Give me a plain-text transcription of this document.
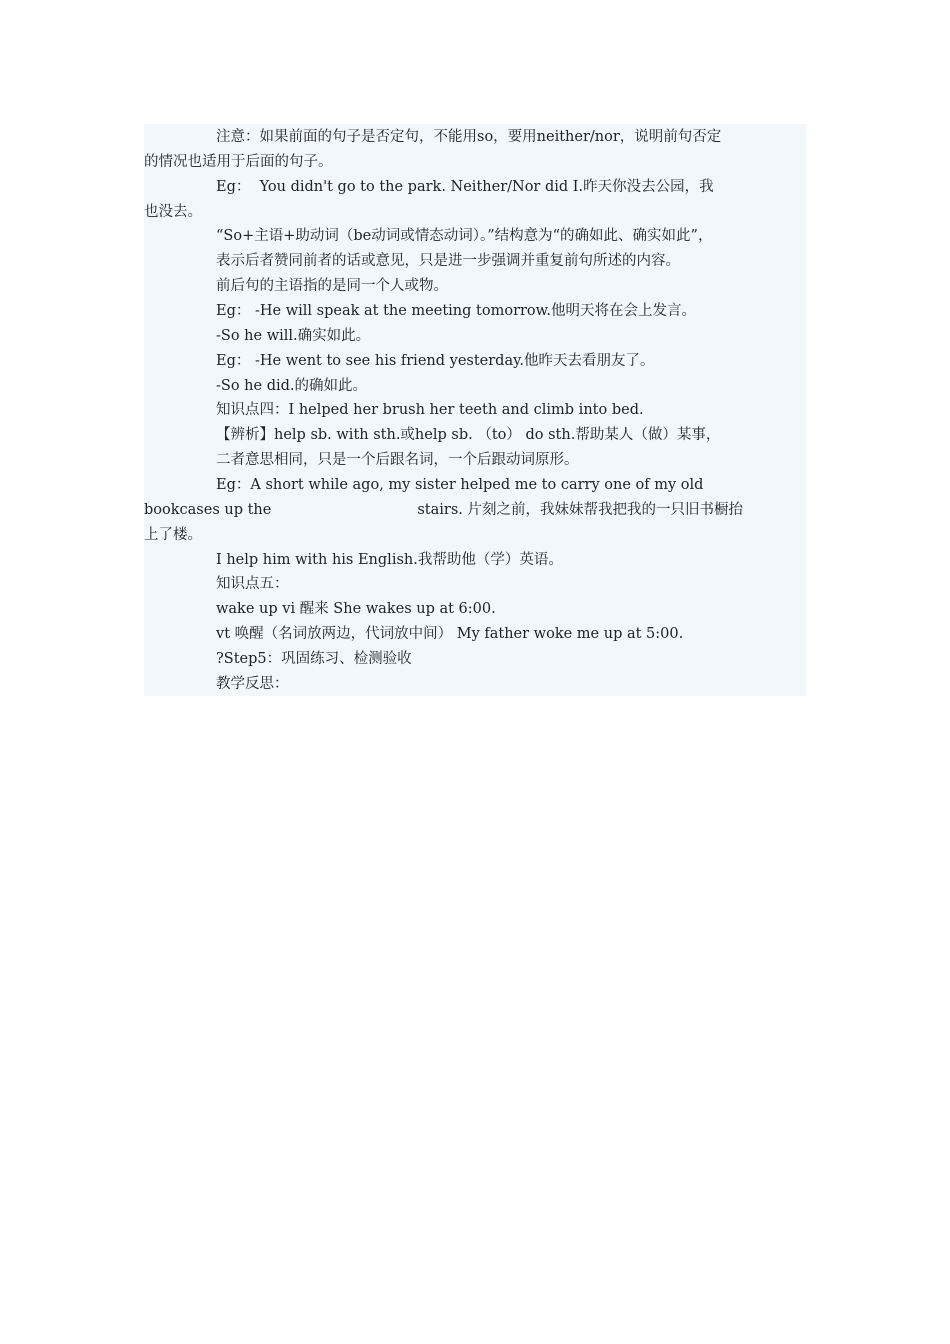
注意：如果前面的句子是否定句，不能用so，要用neither/nor，说明前句否定
的情况也适用于后面的句子。
Eg：  You didn't go to the park. Neither/Nor did I.昨天你没去公园，我
也没去。
“So+主语+助动词（be动词或情态动词）。”结构意为“的确如此、确实如此”，
表示后者赞同前者的话或意见，只是进一步强调并重复前句所述的内容。
前后句的主语指的是同一个人或物。
Eg： -He will speak at the meeting tomorrow.他明天将在会上发言。
-So he will.确实如此。
Eg： -He went to see his friend yesterday.他昨天去看朋友了。
-So he did.的确如此。
知识点四：I helped her brush her teeth and climb into bed.
【辨析】help sb. with sth.或help sb. （to） do sth.帮助某人（做）某事，
二者意思相同，只是一个后跟名词，一个后跟动词原形。
Eg：A short while ago, my sister helped me to carry one of my old
bookcases up the	stairs. 片刻之前，我妹妹帮我把我的一只旧书橱抬
上了楼。
I help him with his English.我帮助他（学）英语。
知识点五：
wake up vi 醒来 She wakes up at 6:00.
vt 唤醒（名词放两边，代词放中间） My father woke me up at 5:00.
?Step5：巩固练习、检测验收
教学反思：
